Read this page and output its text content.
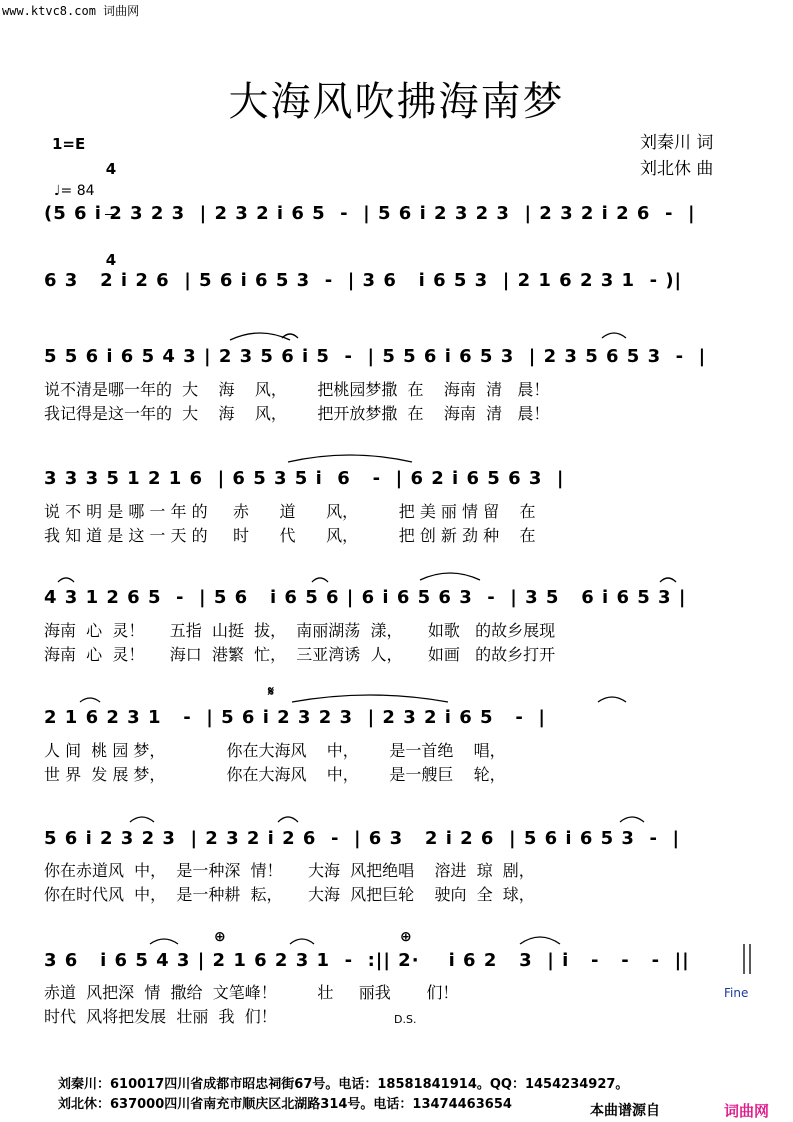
www.ktvc8.com 词曲网
大海风吹拂海南梦
1=E

4

4

♩= 84

刘秦川 词
刘北休 曲
(5 6 i 2 3 2 3  | 2 3 2 i 6 5  -  | 5 6 i 2 3 2 3  | 2 3 2 i 2 6  -  |
6 3   2 i 2 6  | 5 6 i 6 5 3  -  | 3 6   i 6 5 3  | 2 1 6 2 3 1  - )|
5 5 6 i 6 5 4 3 | 2 3 5 6 i 5  -  | 5 5 6 i 6 5 3  | 2 3 5 6 5 3  -  |
说不清是哪一年的  大    海    风，      把桃园梦撒  在    海南  清   晨！
我记得是这一年的  大    海    风，      把开放梦撒  在    海南  清   晨！
3 3 3 5 1 2 1 6  | 6 5 3 5 i  6   -  | 6 2 i 6 5 6 3  |
说 不 明 是 哪 一 年 的     赤      道      风，        把 美 丽 情 留    在
我 知 道 是 这 一 天 的     时      代      风，        把 创 新 劲 种    在
4 3 1 2 6 5  -  | 5 6   i 6 5 6 | 6 i 6 5 6 3  -  | 3 5   6 i 6 5 3 |
海南  心  灵！     五指  山挺  拔，  南丽湖荡  漾，     如歌   的故乡展现
海南  心  灵！     海口  港繁  忙，  三亚湾诱  人，     如画   的故乡打开
𝄋
2 1 6 2 3 1   -  | 5 6 i 2 3 2 3  | 2 3 2 i 6 5   -  |
人 间  桃 园 梦，            你在大海风    中，      是一首绝    唱，
世 界  发 展 梦，            你在大海风    中，      是一艘巨    轮，
5 6 i 2 3 2 3  | 2 3 2 i 2 6  -  | 6 3   2 i 2 6  | 5 6 i 6 5 3  -  |
你在赤道风  中，  是一种深  情！     大海  风把绝唱    溶进  琼  剧，
你在时代风  中，  是一种耕  耘，     大海  风把巨轮    驶向  全  球，
⊕	⊕
3 6   i 6 5 4 3 | 2 1 6 2 3 1  -  :|| 2·    i 6 2   3  | i   -   -   -  ||
赤道  风把深  情  撒给  文笔峰！        壮     丽我       们！
时代  风将把发展  壮丽  我  们！
Fine
D.S.
刘秦川：610017四川省成都市昭忠祠街67号。电话：18581841914。QQ：1454234927。
刘北休：637000四川省南充市顺庆区北湖路314号。电话：13474463654	本曲谱源自	词曲网
